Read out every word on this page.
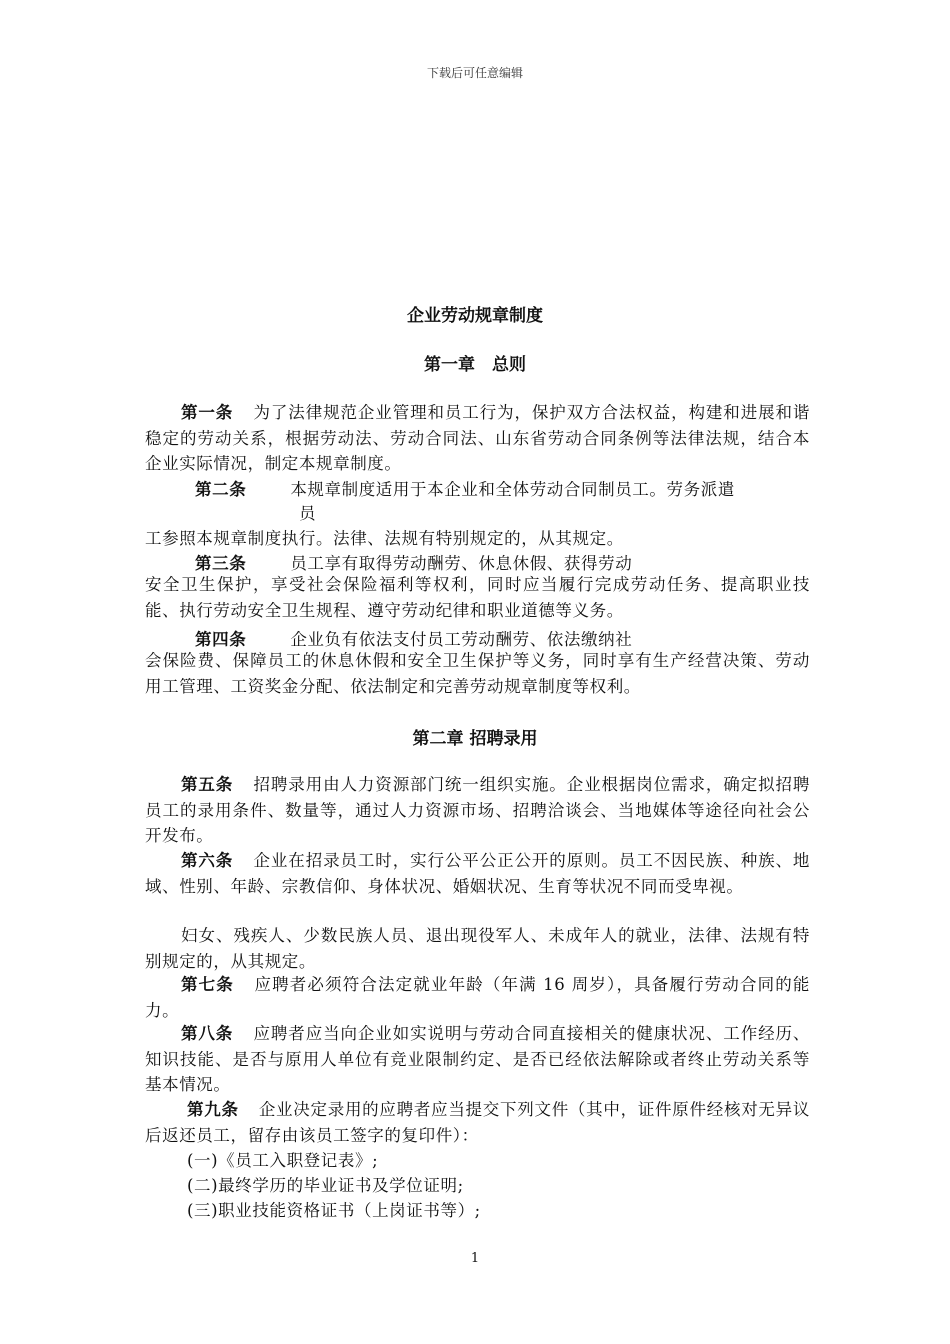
下载后可任意编辑
企业劳动规章制度
第一章　总则
第一条 为了法律规范企业管理和员工行为，保护双方合法权益，构建和进展和谐稳定的劳动关系，根据劳动法、劳动合同法、山东省劳动合同条例等法律法规，结合本企业实际情况，制定本规章制度。
第二条	本规章制度适用于本企业和全体劳动合同制员工。劳务派遣
员
工参照本规章制度执行。法律、法规有特别规定的，从其规定。
第三条	员工享有取得劳动酬劳、休息休假、获得劳动
安全卫生保护，享受社会保险福利等权利，同时应当履行完成劳动任务、提高职业技能、执行劳动安全卫生规程、遵守劳动纪律和职业道德等义务。
第四条	企业负有依法支付员工劳动酬劳、依法缴纳社
会保险费、保障员工的休息休假和安全卫生保护等义务，同时享有生产经营决策、劳动用工管理、工资奖金分配、依法制定和完善劳动规章制度等权利。
第二章 招聘录用
第五条 招聘录用由人力资源部门统一组织实施。企业根据岗位需求，确定拟招聘员工的录用条件、数量等，通过人力资源市场、招聘洽谈会、当地媒体等途径向社会公开发布。
第六条 企业在招录员工时，实行公平公正公开的原则。员工不因民族、种族、地域、性别、年龄、宗教信仰、身体状况、婚姻状况、生育等状况不同而受卑视。
妇女、残疾人、少数民族人员、退出现役军人、未成年人的就业，法律、法规有特别规定的，从其规定。
第七条 应聘者必须符合法定就业年龄（年满 16 周岁），具备履行劳动合同的能力。
第八条 应聘者应当向企业如实说明与劳动合同直接相关的健康状况、工作经历、知识技能、是否与原用人单位有竞业限制约定、是否已经依法解除或者终止劳动关系等基本情况。
第九条 企业决定录用的应聘者应当提交下列文件（其中，证件原件经核对无异议后返还员工，留存由该员工签字的复印件）：
(一)《员工入职登记表》;
(二)最终学历的毕业证书及学位证明;
(三)职业技能资格证书（上岗证书等）;
1
